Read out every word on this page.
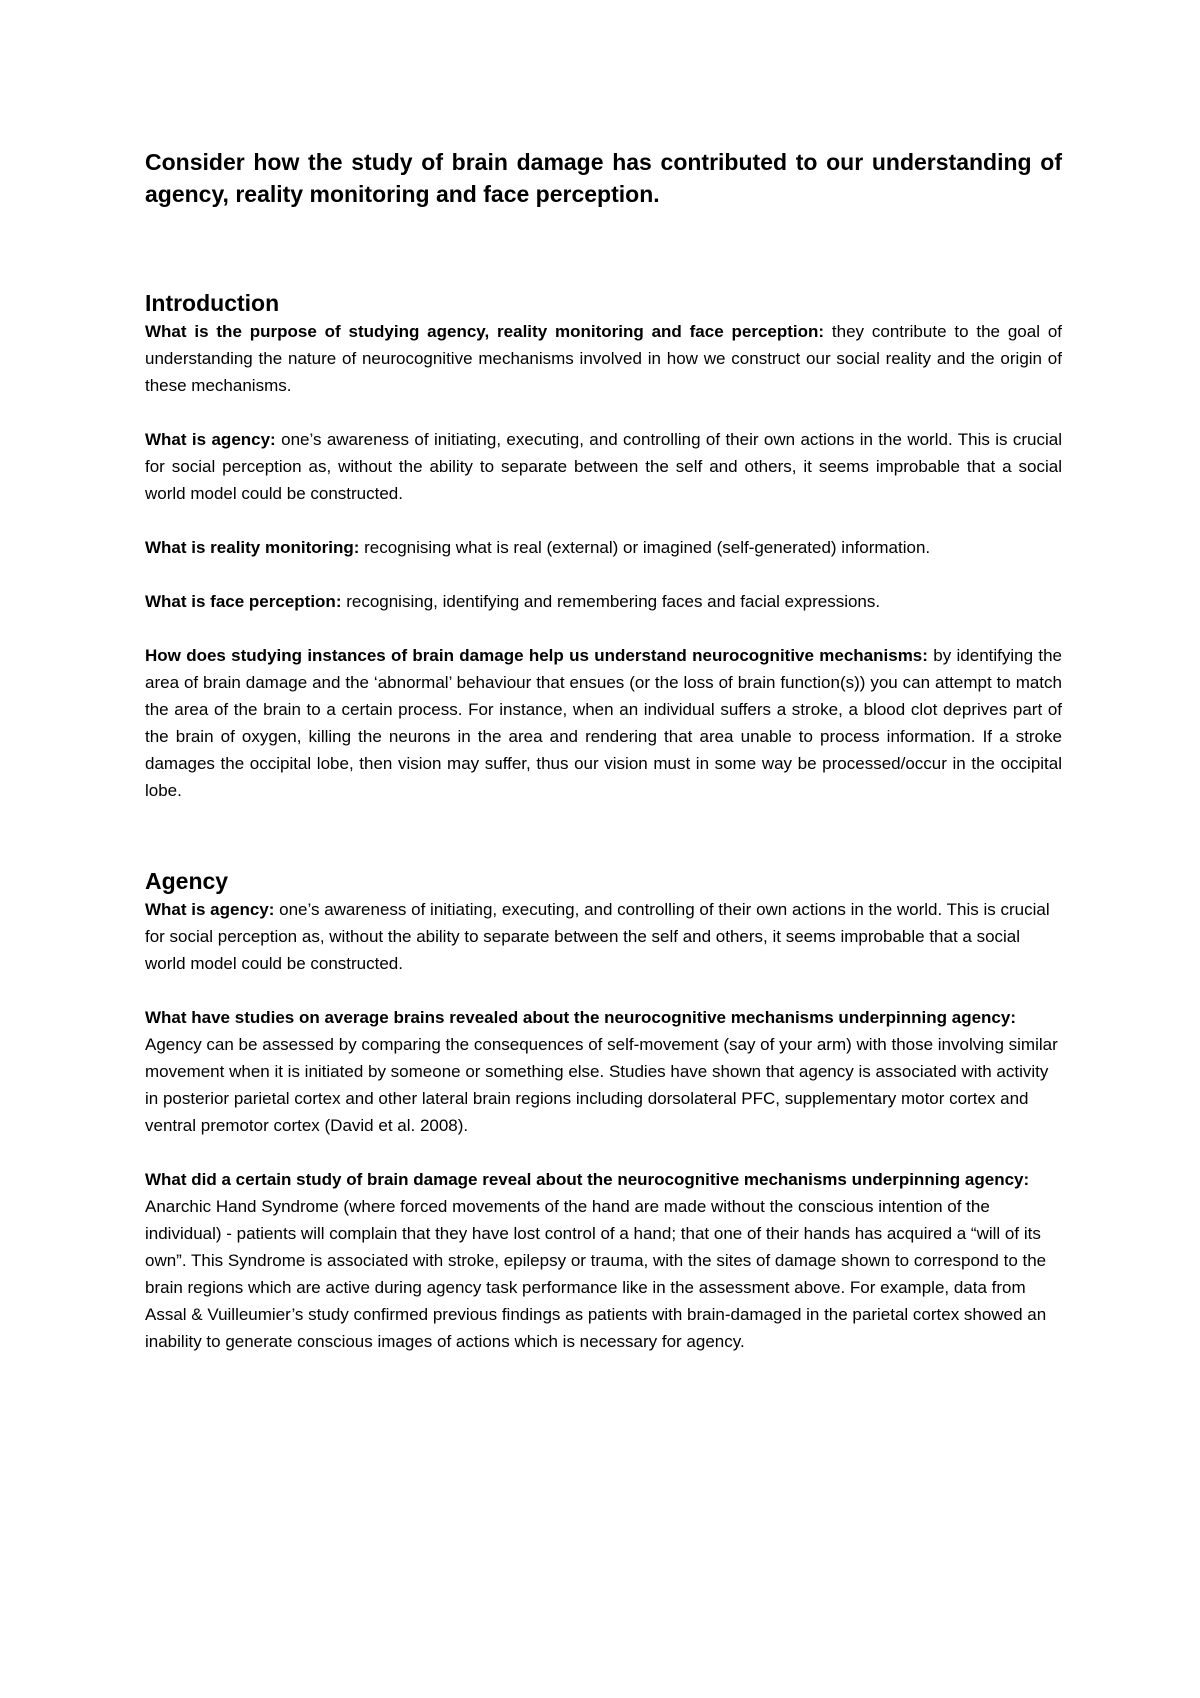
Consider how the study of brain damage has contributed to our understanding of agency, reality monitoring and face perception.

Introduction

What is the purpose of studying agency, reality monitoring and face perception: they contribute to the goal of understanding the nature of neurocognitive mechanisms involved in how we construct our social reality and the origin of these mechanisms.

What is agency: one’s awareness of initiating, executing, and controlling of their own actions in the world. This is crucial for social perception as, without the ability to separate between the self and others, it seems improbable that a social world model could be constructed.

What is reality monitoring: recognising what is real (external) or imagined (self-generated) information.

What is face perception: recognising, identifying and remembering faces and facial expressions.

How does studying instances of brain damage help us understand neurocognitive mechanisms: by identifying the area of brain damage and the ‘abnormal’ behaviour that ensues (or the loss of brain function(s)) you can attempt to match the area of the brain to a certain process. For instance, when an individual suffers a stroke, a blood clot deprives part of the brain of oxygen, killing the neurons in the area and rendering that area unable to process information. If a stroke damages the occipital lobe, then vision may suffer, thus our vision must in some way be processed/occur in the occipital lobe.

Agency

What is agency: one’s awareness of initiating, executing, and controlling of their own actions in the world. This is crucial for social perception as, without the ability to separate between the self and others, it seems improbable that a social world model could be constructed.

What have studies on average brains revealed about the neurocognitive mechanisms underpinning agency: Agency can be assessed by comparing the consequences of self-movement (say of your arm) with those involving similar movement when it is initiated by someone or something else. Studies have shown that agency is associated with activity in posterior parietal cortex and other lateral brain regions including dorsolateral PFC, supplementary motor cortex and ventral premotor cortex (David et al. 2008).

What did a certain study of brain damage reveal about the neurocognitive mechanisms underpinning agency: Anarchic Hand Syndrome (where forced movements of the hand are made without the conscious intention of the individual) - patients will complain that they have lost control of a hand; that one of their hands has acquired a “will of its own”. This Syndrome is associated with stroke, epilepsy or trauma, with the sites of damage shown to correspond to the brain regions which are active during agency task performance like in the assessment above. For example, data from Assal & Vuilleumier’s study confirmed previous findings as patients with brain-damaged in the parietal cortex showed an inability to generate conscious images of actions which is necessary for agency.
